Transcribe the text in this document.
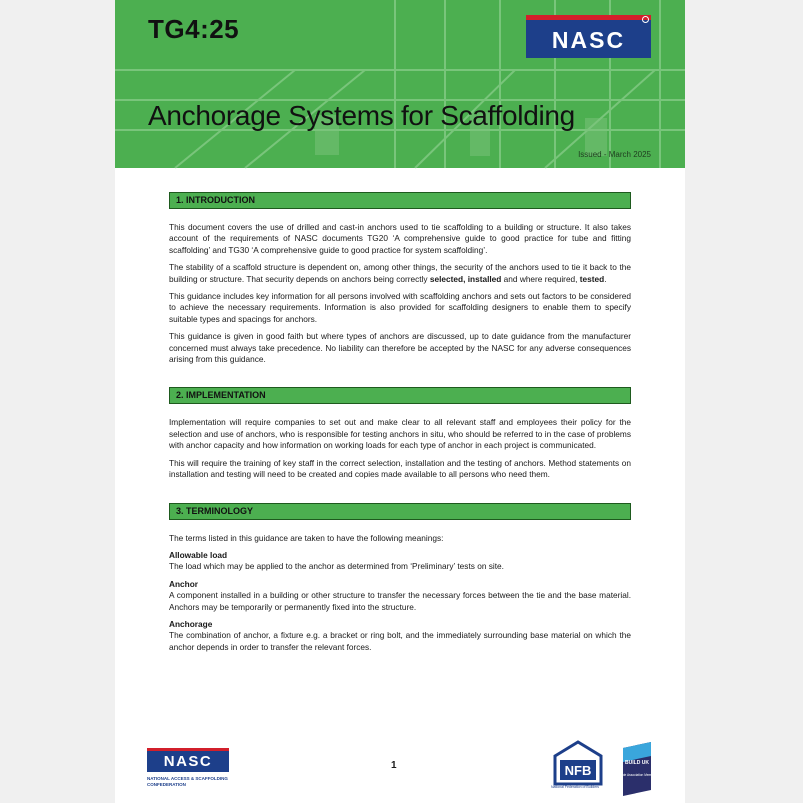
TG4:25
Anchorage Systems for Scaffolding
Issued - March 2025
NASC
1. INTRODUCTION

This document covers the use of drilled and cast-in anchors used to tie scaffolding to a building or structure. It also takes account of the requirements of NASC documents TG20 ‘A comprehensive guide to good practice for tube and fitting scaffolding’ and TG30 ‘A comprehensive guide to good practice for system scaffolding’.

The stability of a scaffold structure is dependent on, among other things, the security of the anchors used to tie it back to the building or structure. That security depends on anchors being correctly selected, installed and where required, tested.

This guidance includes key information for all persons involved with scaffolding anchors and sets out factors to be considered to achieve the necessary requirements. Information is also provided for scaffolding designers to enable them to specify suitable types and spacings for anchors.

This guidance is given in good faith but where types of anchors are discussed, up to date guidance from the manufacturer concerned must always take precedence. No liability can therefore be accepted by the NASC for any adverse consequences arising from this guidance.

2. IMPLEMENTATION

Implementation will require companies to set out and make clear to all relevant staff and employees their policy for the selection and use of anchors, who is responsible for testing anchors in situ, who should be referred to in the case of problems with anchor capacity and how information on working loads for each type of anchor in each project is communicated.

This will require the training of key staff in the correct selection, installation and the testing of anchors. Method statements on installation and testing will need to be created and copies made available to all persons who need them.

3. TERMINOLOGY

The terms listed in this guidance are taken to have the following meanings:

Allowable load

The load which may be applied to the anchor as determined from ‘Preliminary’ tests on site.

Anchor

A component installed in a building or other structure to transfer the necessary forces between the tie and the base material. Anchors may be temporarily or permanently fixed into the structure.

Anchorage

The combination of anchor, a fixture e.g. a bracket or ring bolt, and the immediately surrounding base material on which the anchor depends in order to transfer the relevant forces.

NASC
NATIONAL ACCESS & SCAFFOLDING CONFEDERATION
1	NFB
National Federation of Builders
BUILD UK
Trade Association Member
